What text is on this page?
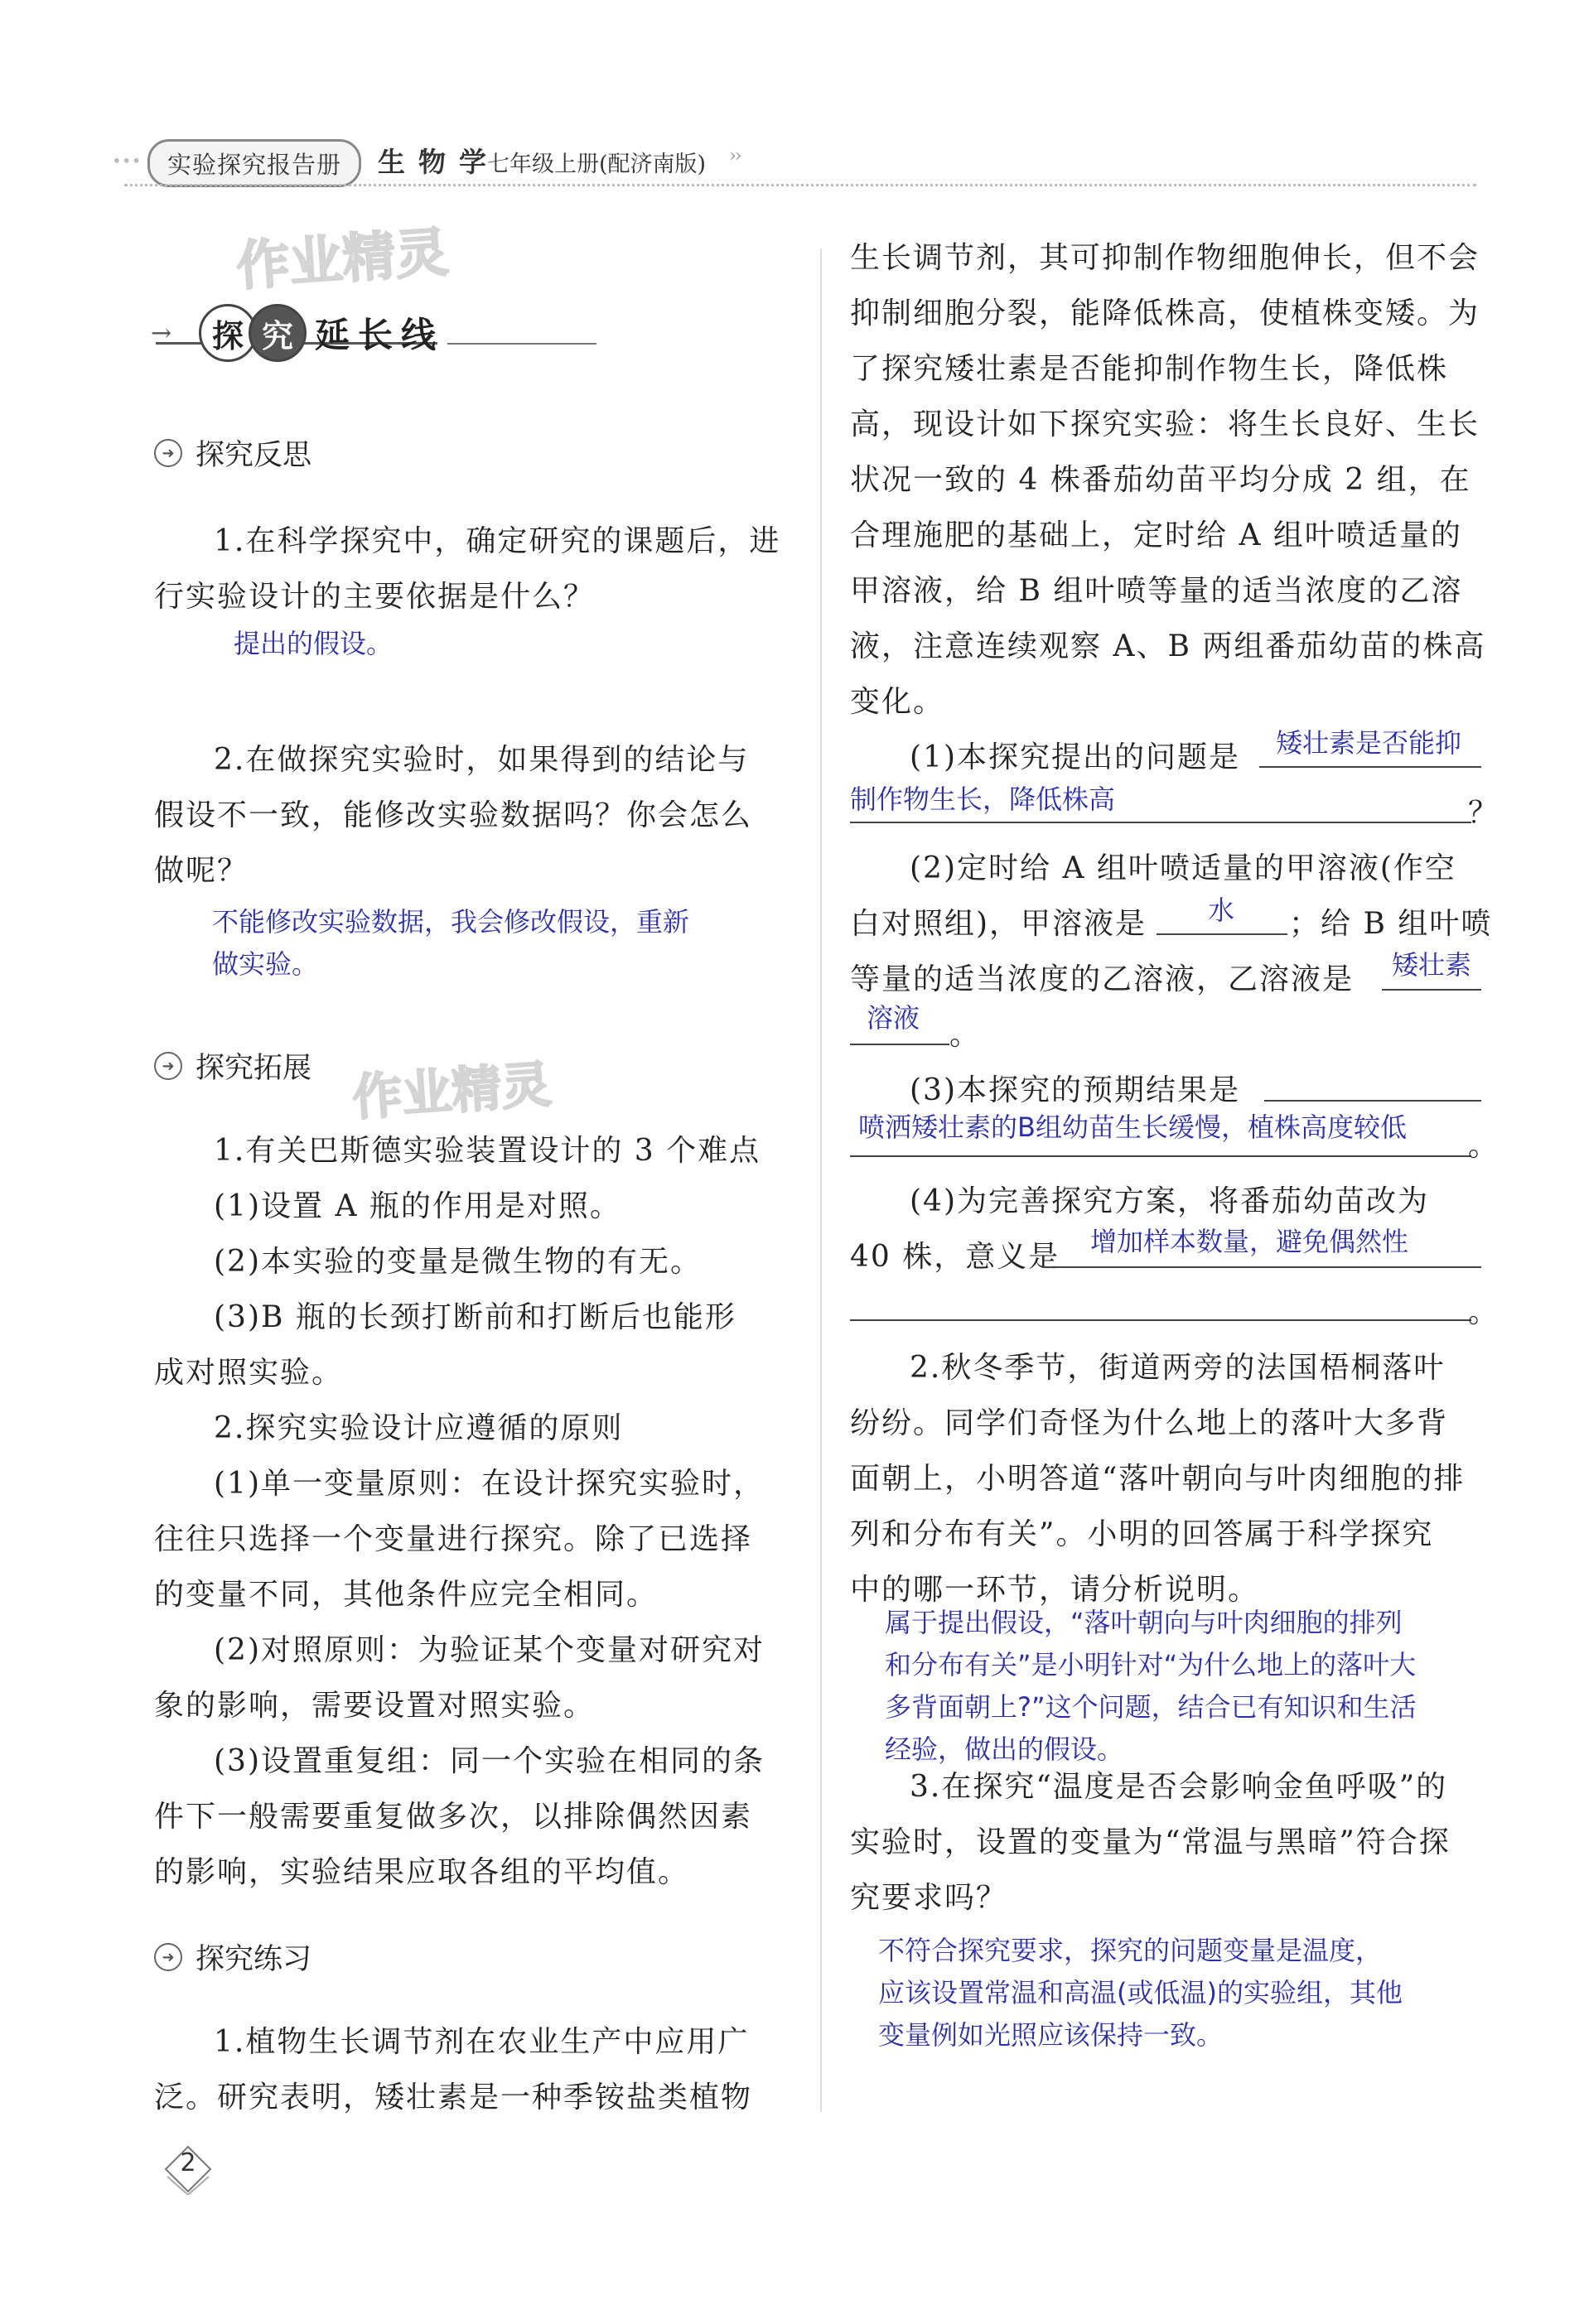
•••	实验探究报告册	生物学
七年级上册(配济南版) ››
作业精灵
作业精灵
→	探 究 延长线
➜ 探究反思
1.在科学探究中，确定研究的课题后，进
行实验设计的主要依据是什么？
提出的假设。
2.在做探究实验时，如果得到的结论与
假设不一致，能修改实验数据吗？你会怎么
做呢？
不能修改实验数据，我会修改假设，重新
做实验。
➜ 探究拓展
1.有关巴斯德实验装置设计的 3 个难点
(1)设置 A 瓶的作用是对照。
(2)本实验的变量是微生物的有无。
(3)B 瓶的长颈打断前和打断后也能形
成对照实验。
2.探究实验设计应遵循的原则
(1)单一变量原则：在设计探究实验时，
往往只选择一个变量进行探究。除了已选择
的变量不同，其他条件应完全相同。
(2)对照原则：为验证某个变量对研究对
象的影响，需要设置对照实验。
(3)设置重复组：同一个实验在相同的条
件下一般需要重复做多次，以排除偶然因素
的影响，实验结果应取各组的平均值。
➜ 探究练习
1.植物生长调节剂在农业生产中应用广
泛。研究表明，矮壮素是一种季铵盐类植物
生长调节剂，其可抑制作物细胞伸长，但不会
抑制细胞分裂，能降低株高，使植株变矮。为
了探究矮壮素是否能抑制作物生长，降低株
高，现设计如下探究实验：将生长良好、生长
状况一致的 4 株番茄幼苗平均分成 2 组，在
合理施肥的基础上，定时给 A 组叶喷适量的
甲溶液，给 B 组叶喷等量的适当浓度的乙溶
液，注意连续观察 A、B 两组番茄幼苗的株高
变化。
(1)本探究提出的问题是 矮壮素是否能抑
制作物生长，降低株高	？
(2)定时给 A 组叶喷适量的甲溶液(作空
白对照组)，甲溶液是 水 ；给 B 组叶喷
等量的适当浓度的乙溶液，乙溶液是 矮壮素
溶液 。
(3)本探究的预期结果是
喷洒矮壮素的B组幼苗生长缓慢，植株高度较低
。
(4)为完善探究方案，将番茄幼苗改为
40 株，意义是 增加样本数量，避免偶然性
。
2.秋冬季节，街道两旁的法国梧桐落叶
纷纷。同学们奇怪为什么地上的落叶大多背
面朝上，小明答道“落叶朝向与叶肉细胞的排
列和分布有关”。小明的回答属于科学探究
中的哪一环节，请分析说明。
属于提出假设，“落叶朝向与叶肉细胞的排列
和分布有关”是小明针对“为什么地上的落叶大
多背面朝上?”这个问题，结合已有知识和生活
经验，做出的假设。
3.在探究“温度是否会影响金鱼呼吸”的
实验时，设置的变量为“常温与黑暗”符合探
究要求吗？
不符合探究要求，探究的问题变量是温度，
应该设置常温和高温(或低温)的实验组，其他
变量例如光照应该保持一致。
2
